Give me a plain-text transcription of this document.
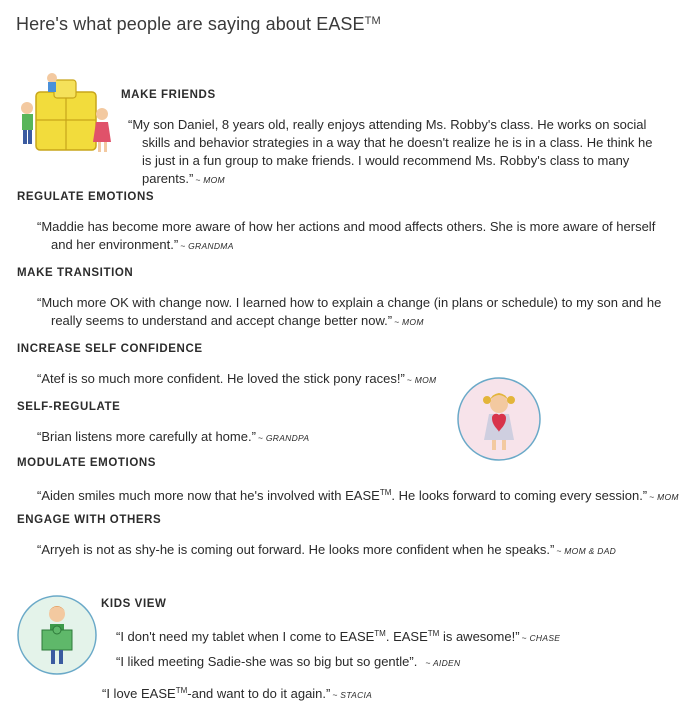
Here's what people are saying about EASE™
MAKE FRIENDS
“My son Daniel, 8 years old, really enjoys attending Ms. Robby's class. He works on social skills and behavior strategies in a way that he doesn't realize he is in a class. He think he is just in a fun group to make friends. I would recommend Ms. Robby's class to many parents.” ~ MOM
REGULATE EMOTIONS
“Maddie has become more aware of how her actions and mood affects others. She is more aware of herself and her environment.” ~ GRANDMA
MAKE TRANSITION
“Much more OK with change now. I learned how to explain a change (in plans or schedule) to my son and he really seems to understand and accept change better now.” ~ MOM
INCREASE SELF CONFIDENCE
“Atef is so much more confident. He loved the stick pony races!” ~ MOM
SELF-REGULATE
“Brian listens more carefully at home.” ~ GRANDPA
MODULATE EMOTIONS
“Aiden smiles much more now that he's involved with EASE™. He looks forward to coming every session.” ~ MOM
ENGAGE WITH OTHERS
“Arryeh is not as shy-he is coming out forward. He looks more confident when he speaks.” ~ MOM & DAD
KIDS VIEW
“I don't need my tablet when I come to EASE™. EASE™ is awesome!” ~ CHASE
“I liked meeting Sadie-she was so big but so gentle”. ~ AIDEN
“I love EASE™-and want to do it again.” ~ STACIA
